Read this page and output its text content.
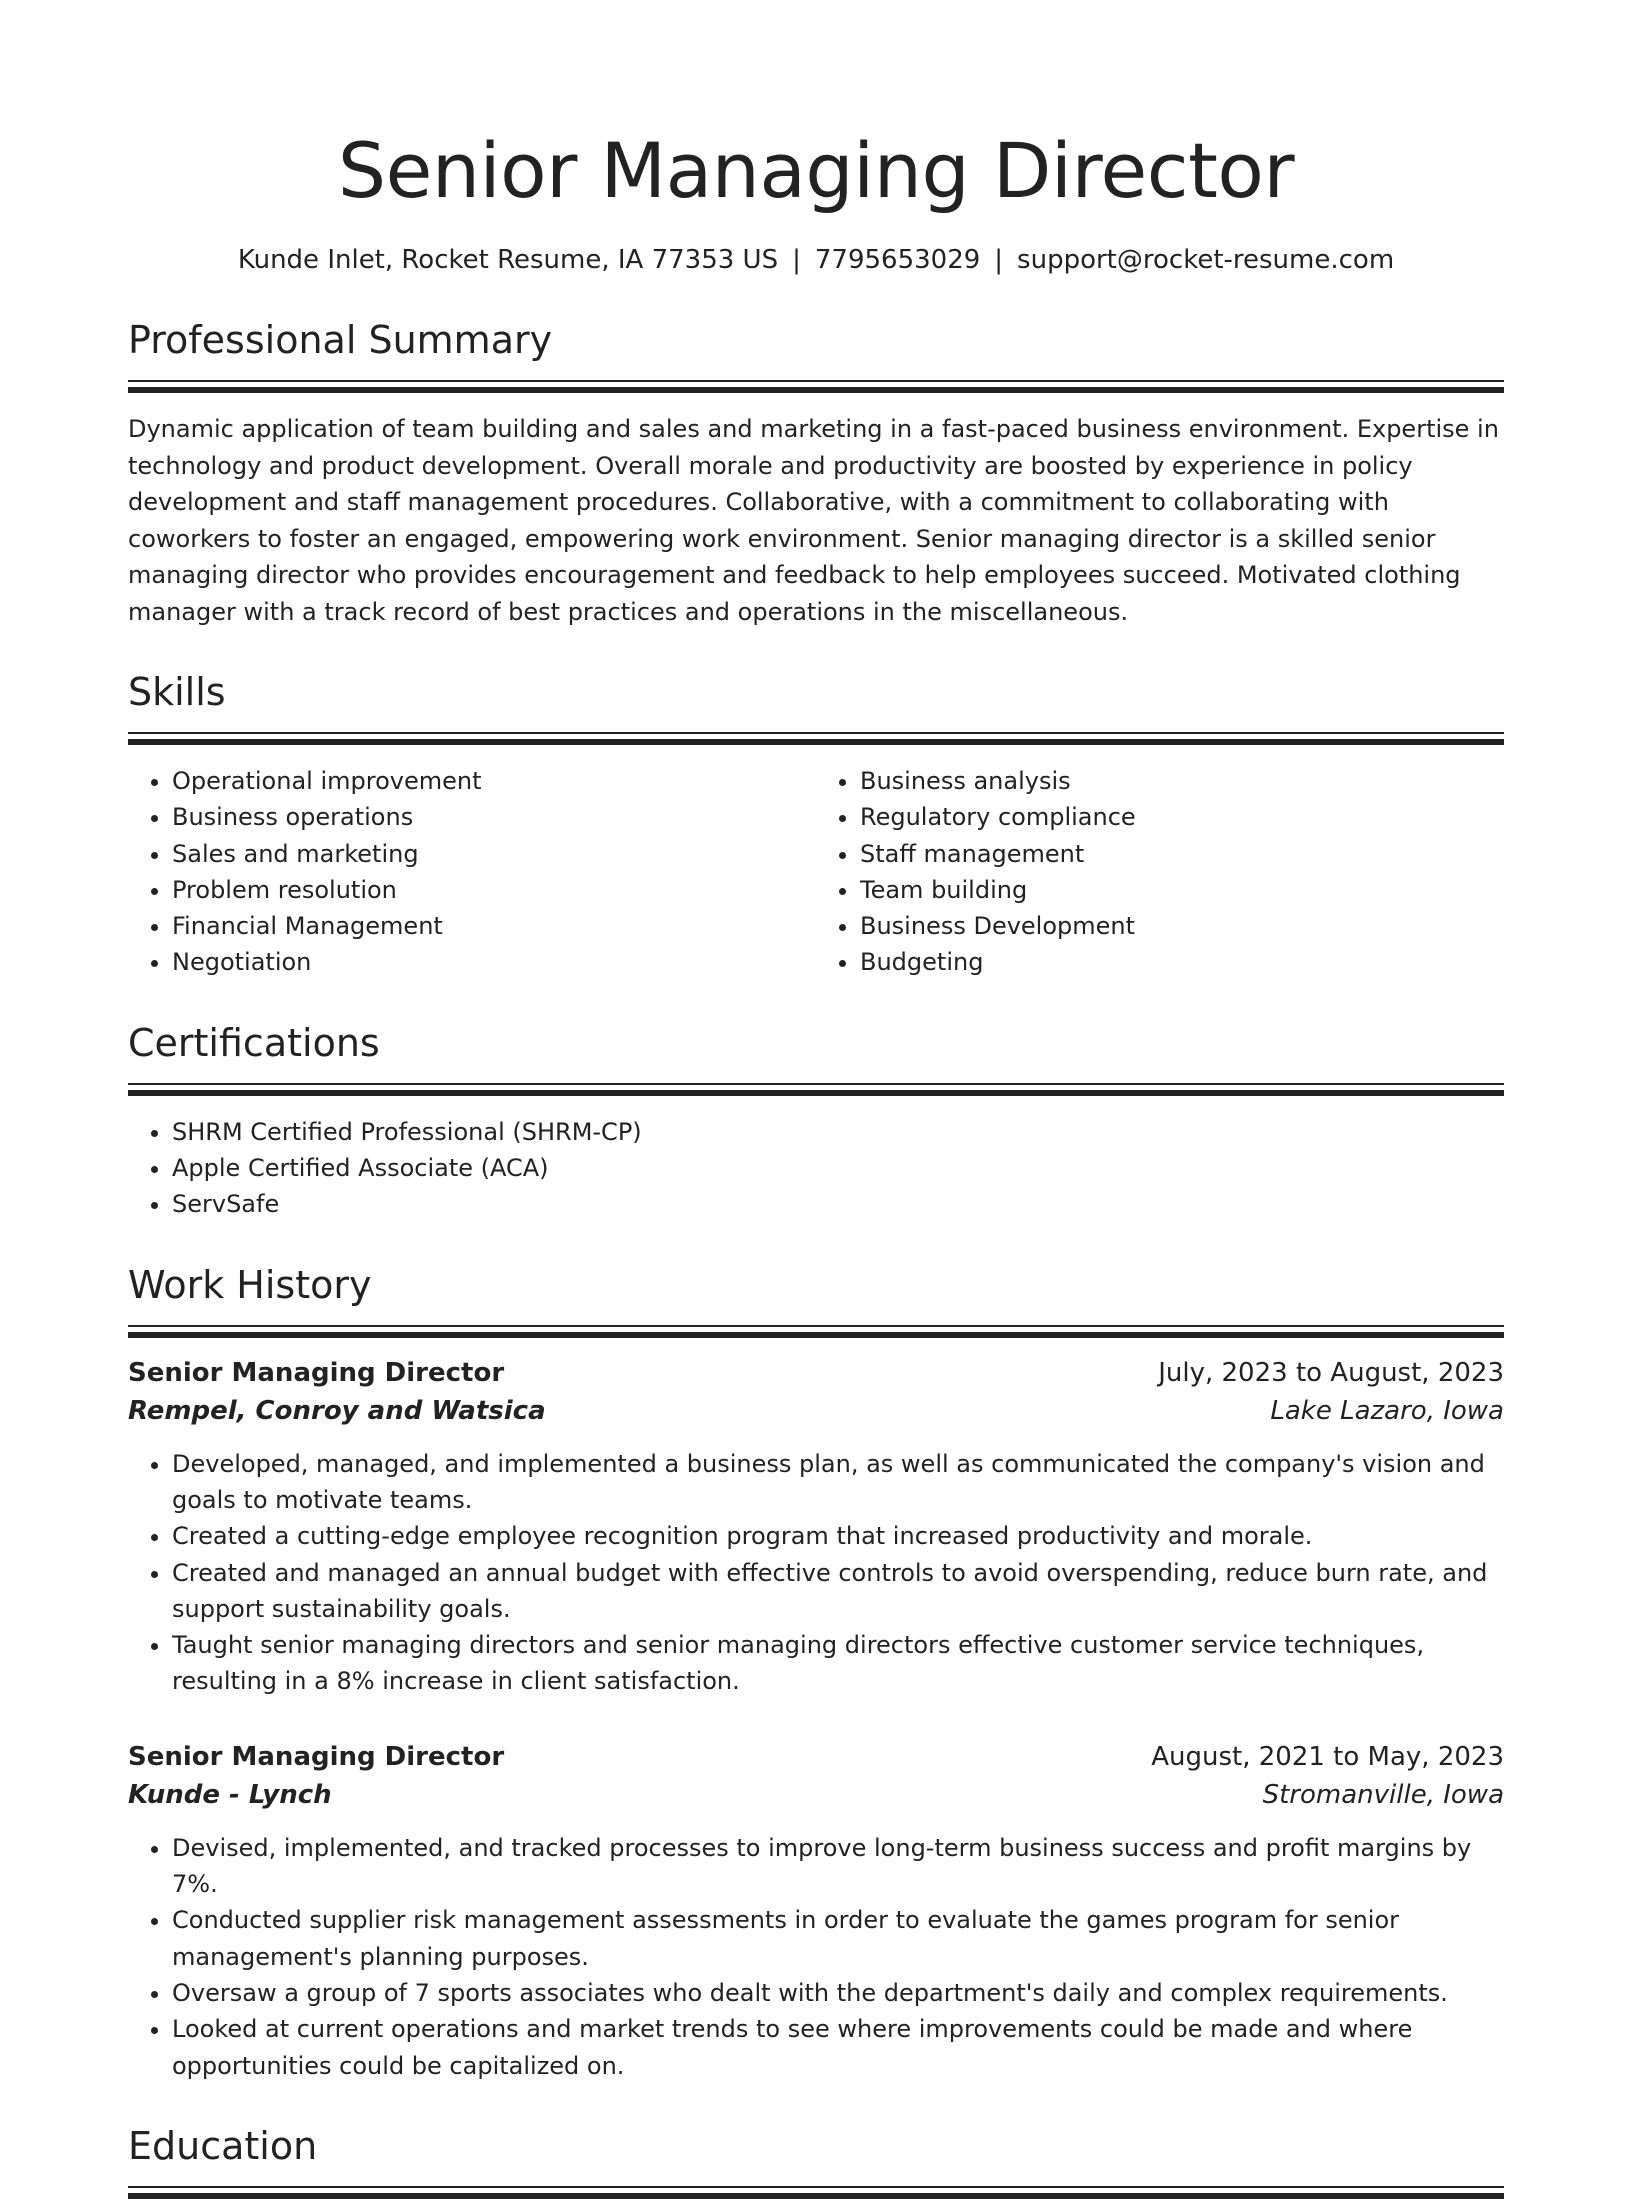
Senior Managing Director
Kunde Inlet, Rocket Resume, IA 77353 US | 7795653029 | support@rocket-resume.com
Professional Summary
Dynamic application of team building and sales and marketing in a fast-paced business environment. Expertise in technology and product development. Overall morale and productivity are boosted by experience in policy development and staff management procedures. Collaborative, with a commitment to collaborating with coworkers to foster an engaged, empowering work environment. Senior managing director is a skilled senior managing director who provides encouragement and feedback to help employees succeed. Motivated clothing manager with a track record of best practices and operations in the miscellaneous.
Skills
• Operational improvement
• Business operations
• Sales and marketing
• Problem resolution
• Financial Management
• Negotiation
• Business analysis
• Regulatory compliance
• Staff management
• Team building
• Business Development
• Budgeting
Certifications
• SHRM Certified Professional (SHRM-CP)
• Apple Certified Associate (ACA)
• ServSafe
Work History
Senior Managing Director	July, 2023 to August, 2023
Rempel, Conroy and Watsica	Lake Lazaro, Iowa
• Developed, managed, and implemented a business plan, as well as communicated the company's vision and goals to motivate teams.
• Created a cutting-edge employee recognition program that increased productivity and morale.
• Created and managed an annual budget with effective controls to avoid overspending, reduce burn rate, and support sustainability goals.
• Taught senior managing directors and senior managing directors effective customer service techniques, resulting in a 8% increase in client satisfaction.
Senior Managing Director	August, 2021 to May, 2023
Kunde - Lynch	Stromanville, Iowa
• Devised, implemented, and tracked processes to improve long-term business success and profit margins by 7%.
• Conducted supplier risk management assessments in order to evaluate the games program for senior management's planning purposes.
• Oversaw a group of 7 sports associates who dealt with the department's daily and complex requirements.
• Looked at current operations and market trends to see where improvements could be made and where opportunities could be capitalized on.
Education
